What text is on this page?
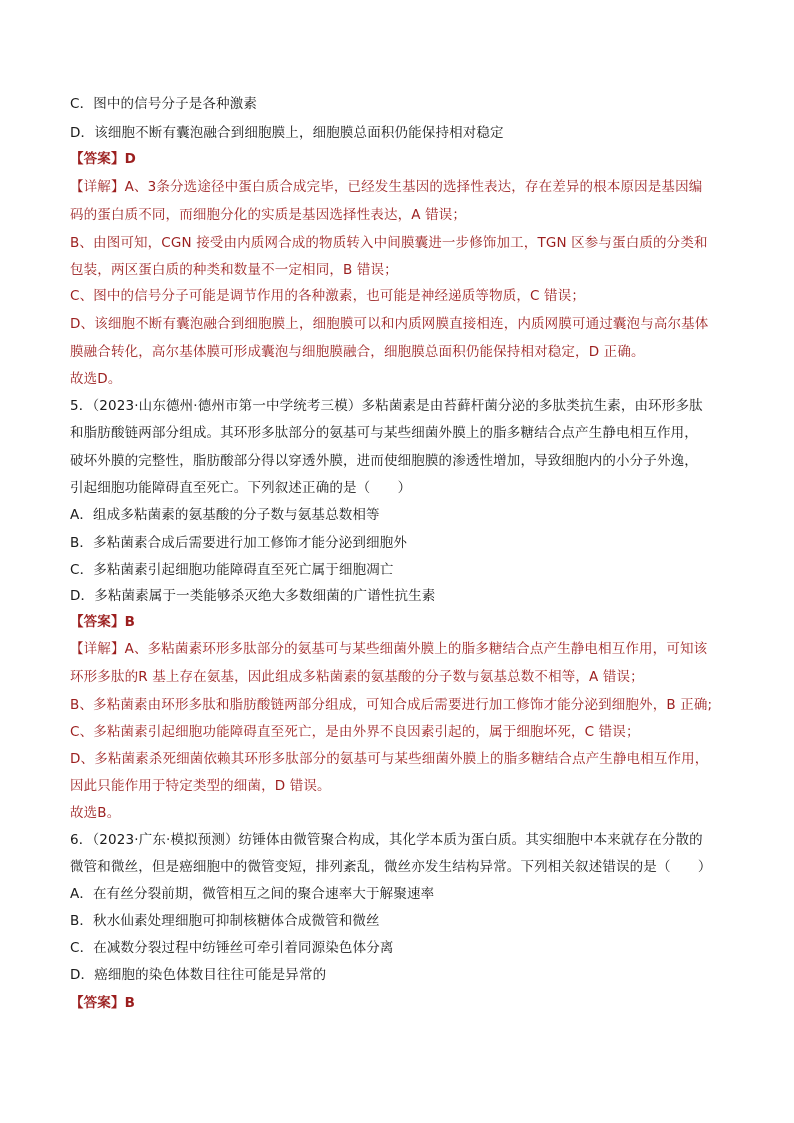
C．图中的信号分子是各种激素
D．该细胞不断有囊泡融合到细胞膜上，细胞膜总面积仍能保持相对稳定
【答案】D
【详解】A、3条分选途径中蛋白质合成完毕，已经发生基因的选择性表达，存在差异的根本原因是基因编
码的蛋白质不同，而细胞分化的实质是基因选择性表达，A 错误；
B、由图可知，CGN 接受由内质网合成的物质转入中间膜囊进一步修饰加工，TGN 区参与蛋白质的分类和
包装，两区蛋白质的种类和数量不一定相同，B 错误；
C、图中的信号分子可能是调节作用的各种激素，也可能是神经递质等物质，C 错误；
D、该细胞不断有囊泡融合到细胞膜上，细胞膜可以和内质网膜直接相连，内质网膜可通过囊泡与高尔基体
膜融合转化，高尔基体膜可形成囊泡与细胞膜融合，细胞膜总面积仍能保持相对稳定，D 正确。
故选D。
5．（2023·山东德州·德州市第一中学统考三模）多粘菌素是由苔藓杆菌分泌的多肽类抗生素，由环形多肽
和脂肪酸链两部分组成。其环形多肽部分的氨基可与某些细菌外膜上的脂多糖结合点产生静电相互作用，
破坏外膜的完整性，脂肪酸部分得以穿透外膜，进而使细胞膜的渗透性增加，导致细胞内的小分子外逸，
引起细胞功能障碍直至死亡。下列叙述正确的是（　　）
A．组成多粘菌素的氨基酸的分子数与氨基总数相等
B．多粘菌素合成后需要进行加工修饰才能分泌到细胞外
C．多粘菌素引起细胞功能障碍直至死亡属于细胞凋亡
D．多粘菌素属于一类能够杀灭绝大多数细菌的广谱性抗生素
【答案】B
【详解】A、多粘菌素环形多肽部分的氨基可与某些细菌外膜上的脂多糖结合点产生静电相互作用，可知该
环形多肽的R 基上存在氨基，因此组成多粘菌素的氨基酸的分子数与氨基总数不相等，A 错误；
B、多粘菌素由环形多肽和脂肪酸链两部分组成，可知合成后需要进行加工修饰才能分泌到细胞外，B 正确;
C、多粘菌素引起细胞功能障碍直至死亡，是由外界不良因素引起的，属于细胞坏死，C 错误；
D、多粘菌素杀死细菌依赖其环形多肽部分的氨基可与某些细菌外膜上的脂多糖结合点产生静电相互作用，
因此只能作用于特定类型的细菌，D 错误。
故选B。
6．（2023·广东·模拟预测）纺锤体由微管聚合构成，其化学本质为蛋白质。其实细胞中本来就存在分散的
微管和微丝，但是癌细胞中的微管变短，排列紊乱，微丝亦发生结构异常。下列相关叙述错误的是（　　）
A．在有丝分裂前期，微管相互之间的聚合速率大于解聚速率
B．秋水仙素处理细胞可抑制核糖体合成微管和微丝
C．在减数分裂过程中纺锤丝可牵引着同源染色体分离
D．癌细胞的染色体数目往往可能是异常的
【答案】B
